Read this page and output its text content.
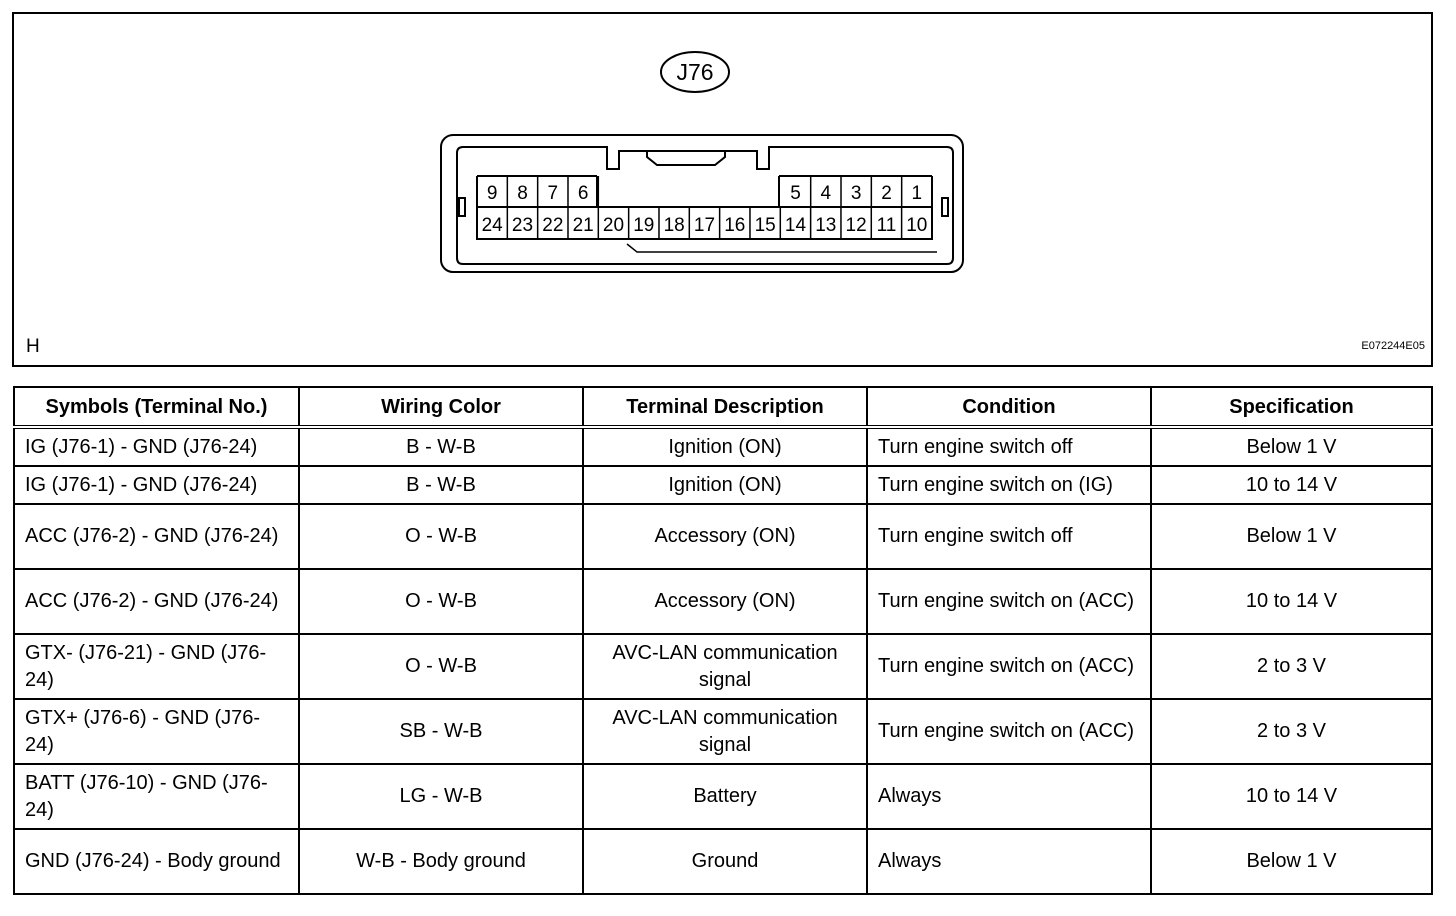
J76
9 8 7 6	5 4 3 2 1
24 23 22 21 20 19 18 17 16 15 14 13 12 11 10
H	E072244E05
Symbols (Terminal No.)	Wiring Color	Terminal Description	Condition	Specification
IG (J76-1) - GND (J76-24)	B - W-B	Ignition (ON)	Turn engine switch off	Below 1 V
IG (J76-1) - GND (J76-24)	B - W-B	Ignition (ON)	Turn engine switch on (IG)	10 to 14 V
ACC (J76-2) - GND (J76-24)	O - W-B	Accessory (ON)	Turn engine switch off	Below 1 V
ACC (J76-2) - GND (J76-24)	O - W-B	Accessory (ON)	Turn engine switch on (ACC)	10 to 14 V
GTX- (J76-21) - GND (J76-24)	O - W-B	AVC-LAN communication signal	Turn engine switch on (ACC)	2 to 3 V
GTX+ (J76-6) - GND (J76-24)	SB - W-B	AVC-LAN communication signal	Turn engine switch on (ACC)	2 to 3 V
BATT (J76-10) - GND (J76-24)	LG - W-B	Battery	Always	10 to 14 V
GND (J76-24) - Body ground	W-B - Body ground	Ground	Always	Below 1 V
